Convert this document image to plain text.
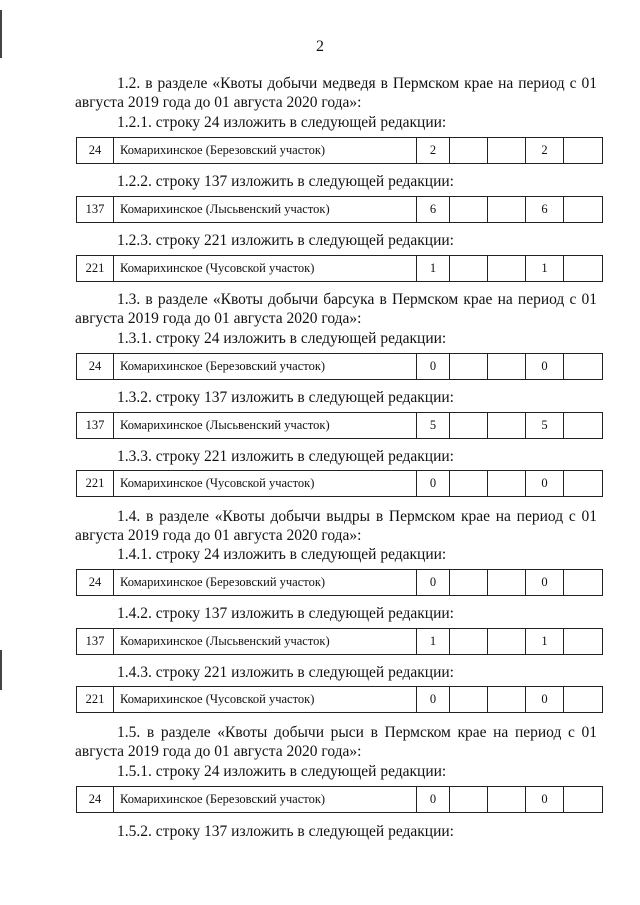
2

1.2. в разделе «Квоты добычи медведя в Пермском крае на период с 01 августа 2019 года до 01 августа 2020 года»:

1.2.1. строку 24 изложить в следующей редакции:

24	Комарихинское (Березовский участок)	2			2	

1.2.2. строку 137 изложить в следующей редакции:

137	Комарихинское (Лысьвенский участок)	6			6	

1.2.3. строку 221 изложить в следующей редакции:

221	Комарихинское (Чусовской участок)	1			1	

1.3. в разделе «Квоты добычи барсука в Пермском крае на период с 01 августа 2019 года до 01 августа 2020 года»:

1.3.1. строку 24 изложить в следующей редакции:

24	Комарихинское (Березовский участок)	0			0	

1.3.2. строку 137 изложить в следующей редакции:

137	Комарихинское (Лысьвенский участок)	5			5	

1.3.3. строку 221 изложить в следующей редакции:

221	Комарихинское (Чусовской участок)	0			0	

1.4. в разделе «Квоты добычи выдры в Пермском крае на период с 01 августа 2019 года до 01 августа 2020 года»:

1.4.1. строку 24 изложить в следующей редакции:

24	Комарихинское (Березовский участок)	0			0	

1.4.2. строку 137 изложить в следующей редакции:

137	Комарихинское (Лысьвенский участок)	1			1	

1.4.3. строку 221 изложить в следующей редакции:

221	Комарихинское (Чусовской участок)	0			0	

1.5. в разделе «Квоты добычи рыси в Пермском крае на период с 01 августа 2019 года до 01 августа 2020 года»:

1.5.1. строку 24 изложить в следующей редакции:

24	Комарихинское (Березовский участок)	0			0	

1.5.2. строку 137 изложить в следующей редакции:
